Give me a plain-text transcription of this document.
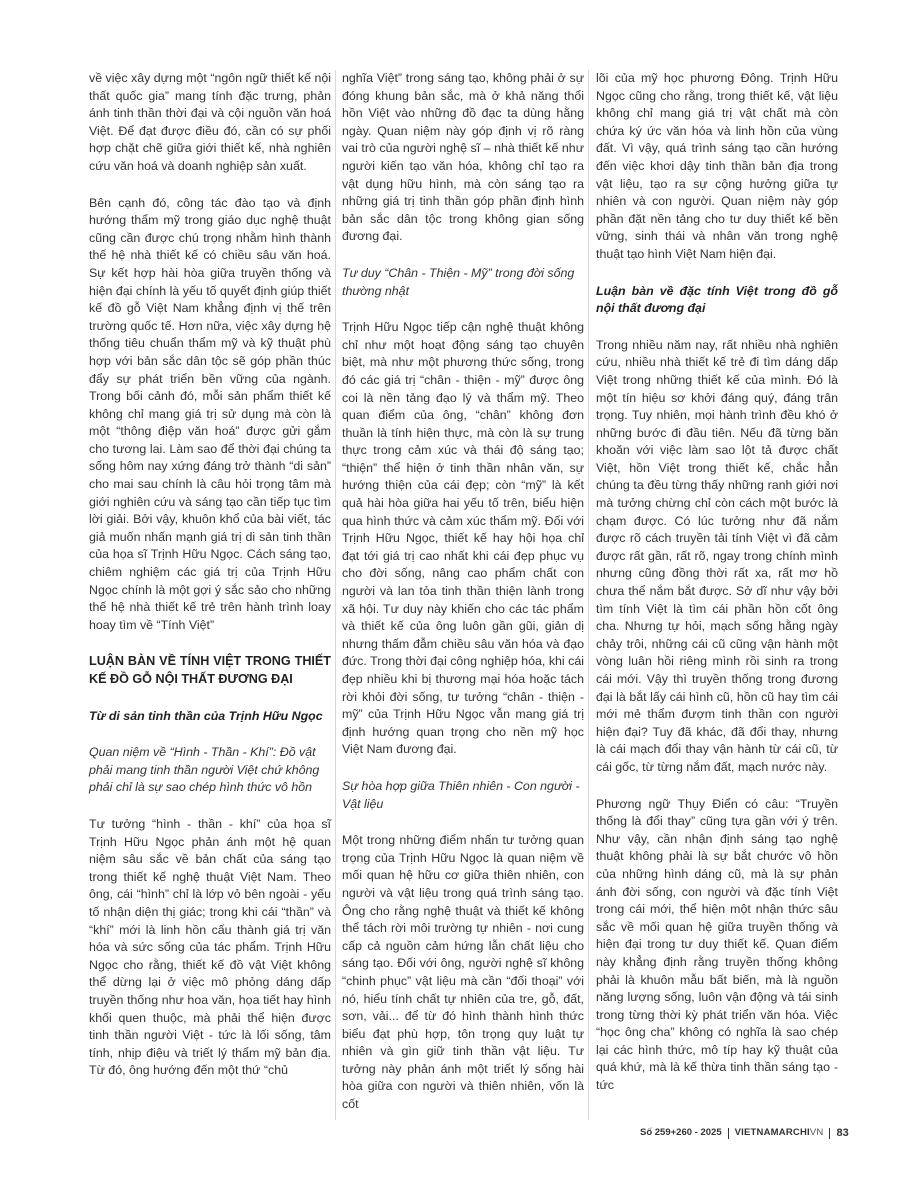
về việc xây dựng một “ngôn ngữ thiết kế nội thất quốc gia” mang tính đặc trưng, phản ánh tinh thần thời đại và cội nguồn văn hoá Việt. Để đạt được điều đó, cần có sự phối hợp chặt chẽ giữa giới thiết kế, nhà nghiên cứu văn hoá và doanh nghiệp sản xuất.

Bên cạnh đó, công tác đào tạo và định hướng thẩm mỹ trong giáo dục nghệ thuật cũng cần được chú trọng nhằm hình thành thế hệ nhà thiết kế có chiều sâu văn hoá. Sự kết hợp hài hòa giữa truyền thống và hiện đại chính là yếu tố quyết định giúp thiết kế đồ gỗ Việt Nam khẳng định vị thế trên trường quốc tế. Hơn nữa, việc xây dựng hệ thống tiêu chuẩn thẩm mỹ và kỹ thuật phù hợp với bản sắc dân tộc sẽ góp phần thúc đẩy sự phát triển bền vững của ngành. Trong bối cảnh đó, mỗi sản phẩm thiết kế không chỉ mang giá trị sử dụng mà còn là một “thông điệp văn hoá” được gửi gắm cho tương lai. Làm sao để thời đại chúng ta sống hôm nay xứng đáng trở thành “di sản” cho mai sau chính là câu hỏi trọng tâm mà giới nghiên cứu và sáng tạo cần tiếp tục tìm lời giải. Bởi vậy, khuôn khổ của bài viết, tác giả muốn nhấn mạnh giá trị di sản tinh thần của họa sĩ Trịnh Hữu Ngọc. Cách sáng tạo, chiêm nghiệm các giá trị của Trịnh Hữu Ngọc chính là một gợi ý sắc sảo cho những thế hệ nhà thiết kế trẻ trên hành trình loay hoay tìm về “Tính Việt”

LUẬN BÀN VỀ TÍNH VIỆT TRONG THIẾT KẾ ĐỒ GỖ NỘI THẤT ĐƯƠNG ĐẠI
Từ di sản tinh thần của Trịnh Hữu Ngọc

Quan niệm về “Hình - Thần - Khí”: Đồ vật phải mang tinh thần người Việt chứ không phải chỉ là sự sao chép hình thức vô hồn

Tư tưởng “hình - thần - khí” của họa sĩ Trịnh Hữu Ngọc phản ánh một hệ quan niệm sâu sắc về bản chất của sáng tạo trong thiết kế nghệ thuật Việt Nam. Theo ông, cái “hình” chỉ là lớp vỏ bên ngoài - yếu tố nhận diện thị giác; trong khi cái “thần” và “khí” mới là linh hồn cấu thành giá trị văn hóa và sức sống của tác phẩm. Trịnh Hữu Ngọc cho rằng, thiết kế đồ vật Việt không thể dừng lại ở việc mô phỏng dáng dấp truyền thống như hoa văn, họa tiết hay hình khối quen thuộc, mà phải thể hiện được tinh thần người Việt - tức là lối sống, tâm tính, nhịp điệu và triết lý thẩm mỹ bản địa. Từ đó, ông hướng đến một thứ “chủ

nghĩa Việt” trong sáng tạo, không phải ở sự đóng khung bản sắc, mà ở khả năng thổi hồn Việt vào những đồ đạc ta dùng hằng ngày. Quan niệm này góp định vị rõ ràng vai trò của người nghệ sĩ – nhà thiết kế như người kiến tạo văn hóa, không chỉ tạo ra vật dụng hữu hình, mà còn sáng tạo ra những giá trị tinh thần góp phần định hình bản sắc dân tộc trong không gian sống đương đại.

Tư duy “Chân - Thiện - Mỹ” trong đời sống thường nhật

Trịnh Hữu Ngọc tiếp cận nghệ thuật không chỉ như một hoạt động sáng tạo chuyên biệt, mà như một phương thức sống, trong đó các giá trị “chân - thiện - mỹ” được ông coi là nền tảng đạo lý và thẩm mỹ. Theo quan điểm của ông, “chân” không đơn thuần là tính hiện thực, mà còn là sự trung thực trong cảm xúc và thái độ sáng tạo; “thiện” thể hiện ở tinh thần nhân văn, sự hướng thiện của cái đẹp; còn “mỹ” là kết quả hài hòa giữa hai yếu tố trên, biểu hiện qua hình thức và cảm xúc thẩm mỹ. Đối với Trịnh Hữu Ngọc, thiết kế hay hội họa chỉ đạt tới giá trị cao nhất khi cái đẹp phục vụ cho đời sống, nâng cao phẩm chất con người và lan tỏa tinh thần thiện lành trong xã hội. Tư duy này khiến cho các tác phẩm và thiết kế của ông luôn gần gũi, giản dị nhưng thấm đẫm chiều sâu văn hóa và đạo đức. Trong thời đại công nghiệp hóa, khi cái đẹp nhiều khi bị thương mại hóa hoặc tách rời khỏi đời sống, tư tưởng “chân - thiện - mỹ” của Trịnh Hữu Ngọc vẫn mang giá trị định hướng quan trọng cho nền mỹ học Việt Nam đương đại.

Sự hòa hợp giữa Thiên nhiên - Con người - Vật liệu

Một trong những điểm nhấn tư tưởng quan trọng của Trịnh Hữu Ngọc là quan niệm về mối quan hệ hữu cơ giữa thiên nhiên, con người và vật liệu trong quá trình sáng tạo. Ông cho rằng nghệ thuật và thiết kế không thể tách rời môi trường tự nhiên - nơi cung cấp cả nguồn cảm hứng lẫn chất liệu cho sáng tạo. Đối với ông, người nghệ sĩ không “chinh phục” vật liệu mà cần “đối thoại” với nó, hiểu tính chất tự nhiên của tre, gỗ, đất, sơn, vải... để từ đó hình thành hình thức biểu đạt phù hợp, tôn trọng quy luật tự nhiên và gìn giữ tinh thần vật liệu. Tư tưởng này phản ánh một triết lý sống hài hòa giữa con người và thiên nhiên, vốn là cốt

lõi của mỹ học phương Đông. Trịnh Hữu Ngọc cũng cho rằng, trong thiết kế, vật liệu không chỉ mang giá trị vật chất mà còn chứa ký ức văn hóa và linh hồn của vùng đất. Vì vậy, quá trình sáng tạo cần hướng đến việc khơi dậy tinh thần bản địa trong vật liệu, tạo ra sự cộng hưởng giữa tự nhiên và con người. Quan niệm này góp phần đặt nền tảng cho tư duy thiết kế bền vững, sinh thái và nhân văn trong nghệ thuật tạo hình Việt Nam hiện đại.

Luận bàn về đặc tính Việt trong đồ gỗ nội thất đương đại

Trong nhiều năm nay, rất nhiều nhà nghiên cứu, nhiều nhà thiết kế trẻ đi tìm dáng dấp Việt trong những thiết kế của mình. Đó là một tín hiệu sơ khởi đáng quý, đáng trân trọng. Tuy nhiên, mọi hành trình đều khó ở những bước đi đầu tiên. Nếu đã từng băn khoăn với việc làm sao lột tả được chất Việt, hồn Việt trong thiết kế, chắc hẳn chúng ta đều từng thấy những ranh giới nơi mà tưởng chừng chỉ còn cách một bước là chạm được. Có lúc tưởng như đã nắm được rõ cách truyền tải tính Việt vì đã cảm được rất gần, rất rõ, ngay trong chính mình nhưng cũng đồng thời rất xa, rất mơ hồ chưa thể nắm bắt được. Sở dĩ như vậy bởi tìm tính Việt là tìm cái phần hồn cốt ông cha. Nhưng tự hỏi, mạch sống hằng ngày chảy trôi, những cái cũ cũng vận hành một vòng luân hồi riêng mình rồi sinh ra trong cái mới. Vậy thì truyền thống trong đương đại là bắt lấy cái hình cũ, hồn cũ hay tìm cái mới mẻ thẩm đượm tinh thần con người hiện đại? Tuy đã khác, đã đổi thay, nhưng là cái mạch đổi thay vận hành từ cái cũ, từ cái gốc, từ từng nắm đất, mạch nước này.

Phương ngữ Thụy Điển có câu: “Truyền thống là đổi thay” cũng tựa gần với ý trên. Như vậy, cần nhận định sáng tạo nghệ thuật không phải là sự bắt chước vô hồn của những hình dáng cũ, mà là sự phản ánh đời sống, con người và đặc tính Việt trong cái mới, thể hiện một nhận thức sâu sắc về mối quan hệ giữa truyền thống và hiện đại trong tư duy thiết kế. Quan điểm này khẳng định rằng truyền thống không phải là khuôn mẫu bất biến, mà là nguồn năng lượng sống, luôn vận động và tái sinh trong từng thời kỳ phát triển văn hóa. Việc “học ông cha” không có nghĩa là sao chép lại các hình thức, mô típ hay kỹ thuật của quá khứ, mà là kế thừa tinh thần sáng tạo - tức

Số 259+260 - 2025 VIETNAMARCHIVN 83
